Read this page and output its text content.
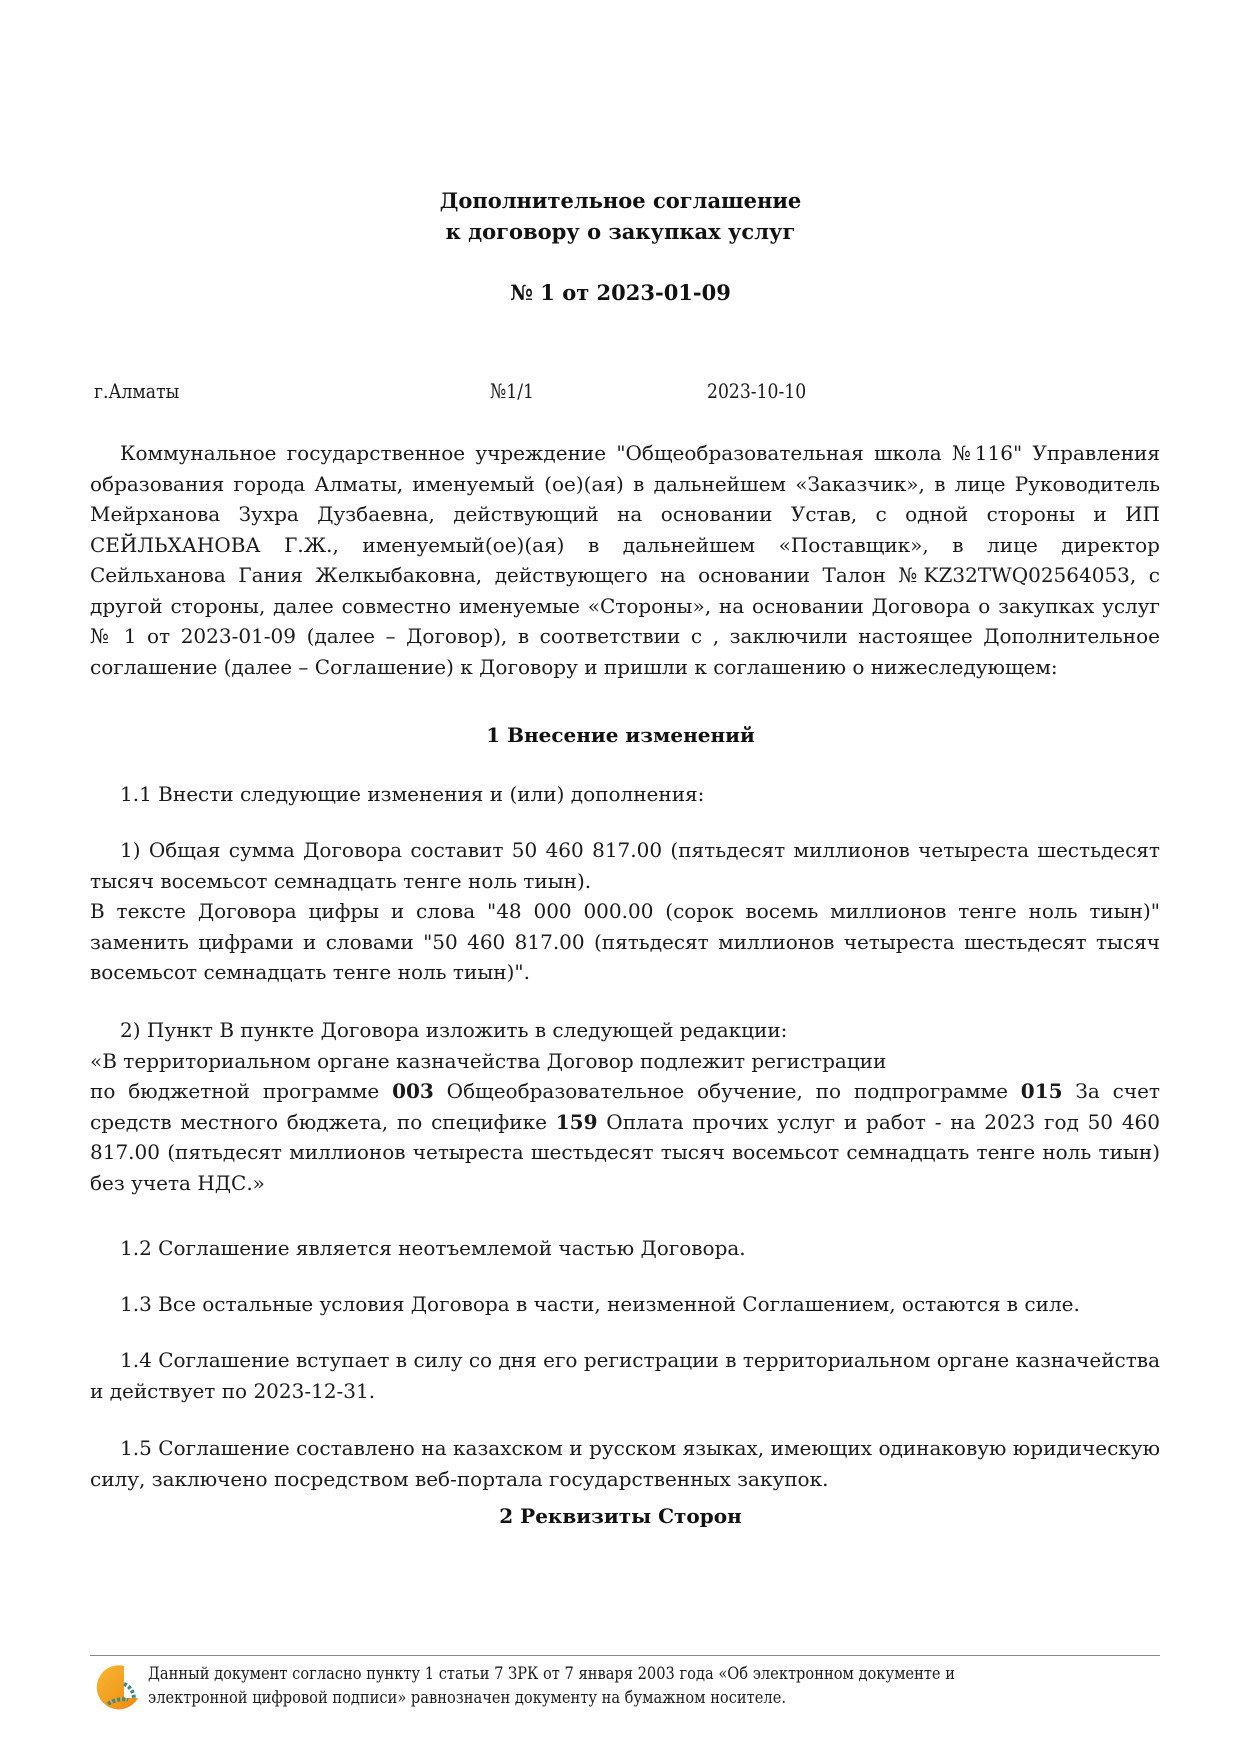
Дополнительное соглашение
к договору о закупках услуг
№ 1 от 2023-01-09
г.Алматы	№1/1	2023-10-10
Коммунальное государственное учреждение "Общеобразовательная школа №116" Управления образования города Алматы, именуемый (ое)(ая) в дальнейшем «Заказчик», в лице Руководитель Мейрханова Зухра Дузбаевна, действующий на основании Устав, с одной стороны и ИП СЕЙЛЬХАНОВА Г.Ж., именуемый(ое)(ая) в дальнейшем «Поставщик», в лице директор Сейльханова Гания Желкыбаковна, действующего на основании Талон №KZ32TWQ02564053, с другой стороны, далее совместно именуемые «Стороны», на основании Договора о закупках услуг № 1 от 2023-01-09 (далее – Договор), в соответствии с , заключили настоящее Дополнительное соглашение (далее – Соглашение) к Договору и пришли к соглашению о нижеследующем:
1 Внесение изменений
1.1 Внести следующие изменения и (или) дополнения:
1) Общая сумма Договора составит 50 460 817.00 (пятьдесят миллионов четыреста шестьдесят тысяч восемьсот семнадцать тенге ноль тиын).
В тексте Договора цифры и слова "48 000 000.00 (сорок восемь миллионов тенге ноль тиын)" заменить цифрами и словами "50 460 817.00 (пятьдесят миллионов четыреста шестьдесят тысяч восемьсот семнадцать тенге ноль тиын)".
2) Пункт В пункте Договора изложить в следующей редакции:
«В территориальном органе казначейства Договор подлежит регистрации
по бюджетной программе 003 Общеобразовательное обучение, по подпрограмме 015 За счет средств местного бюджета, по специфике 159 Оплата прочих услуг и работ - на 2023 год 50 460 817.00 (пятьдесят миллионов четыреста шестьдесят тысяч восемьсот семнадцать тенге ноль тиын) без учета НДС.»
1.2 Соглашение является неотъемлемой частью Договора.
1.3 Все остальные условия Договора в части, неизменной Соглашением, остаются в силе.
1.4 Соглашение вступает в силу со дня его регистрации в территориальном органе казначейства и действует по 2023-12-31.
1.5 Соглашение составлено на казахском и русском языках, имеющих одинаковую юридическую силу, заключено посредством веб-портала государственных закупок.
2 Реквизиты Сторон
Данный документ согласно пункту 1 статьи 7 ЗРК от 7 января 2003 года «Об электронном документе и
электронной цифровой подписи» равнозначен документу на бумажном носителе.
